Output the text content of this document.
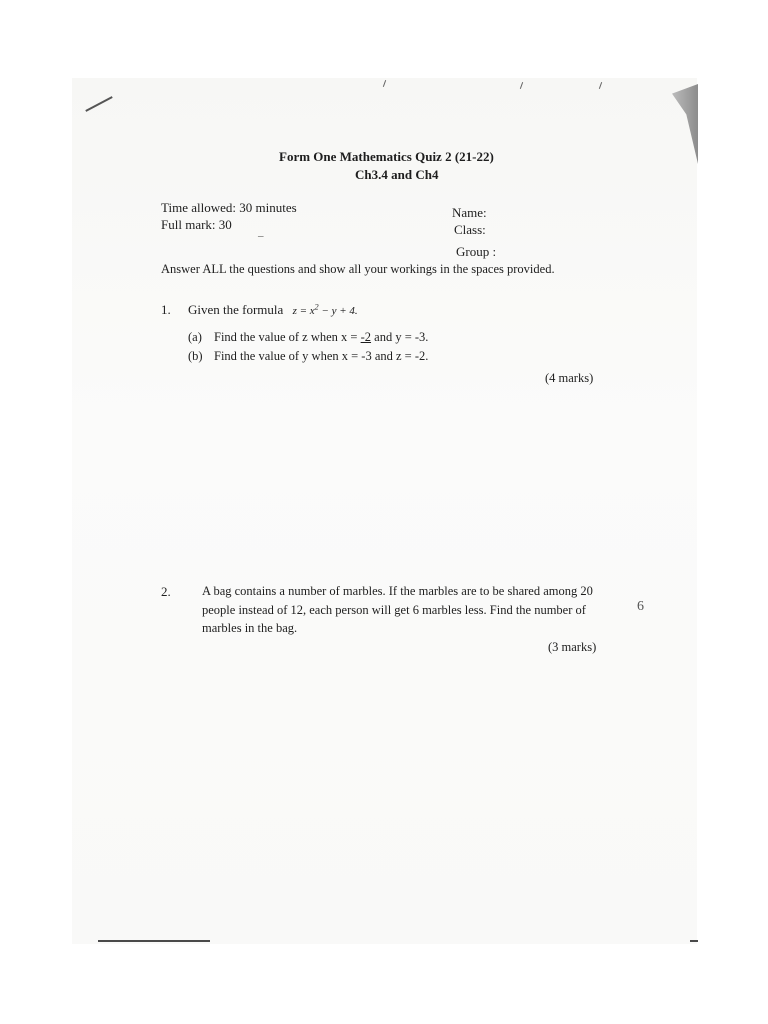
Form One Mathematics Quiz 2 (21-22)
Ch3.4 and Ch4
Time allowed: 30 minutes
Full mark: 30
Name:
Class:
Group :
–
Answer ALL the questions and show all your workings in the spaces provided.
1. Given the formula $z = x^2 - y + 4$.
(a) Find the value of z when x = -2 and y = -3.
(b) Find the value of y when x = -3 and z = -2.
(4 marks)
2.	A bag contains a number of marbles. If the marbles are to be shared among 20
people instead of 12, each person will get 6 marbles less. Find the number of
marbles in the bag.
(3 marks)
6
